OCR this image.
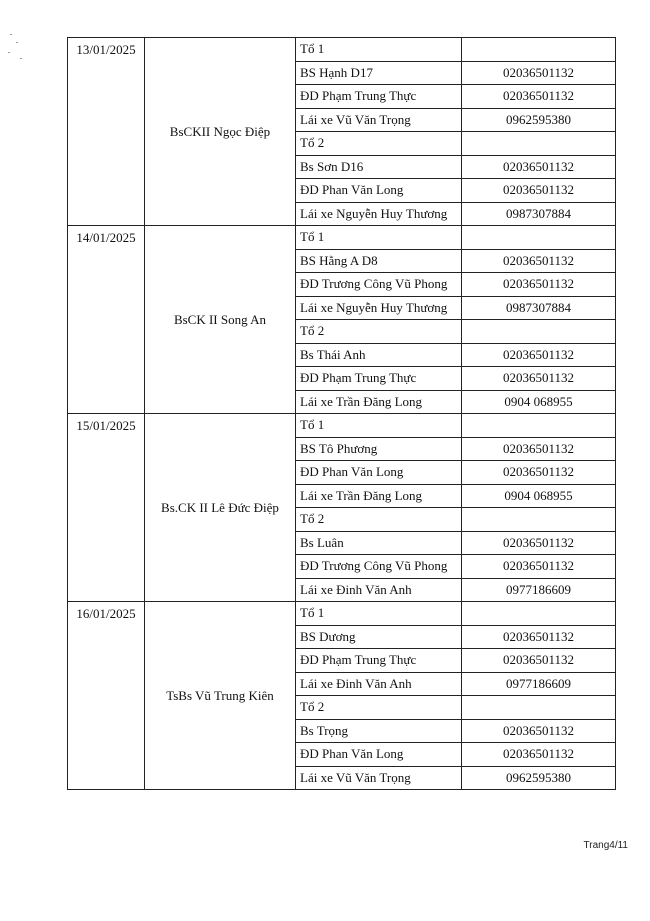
13/01/2025	BsCKII Ngọc Điệp	Tổ 1	
		BS Hạnh D17	02036501132
		ĐD Phạm Trung Thực	02036501132
		Lái xe Vũ Văn Trọng	0962595380
		Tổ 2	
		Bs Sơn D16	02036501132
		ĐD Phan Văn Long	02036501132
		Lái xe Nguyễn Huy Thương	0987307884
14/01/2025	BsCK II Song An	Tổ 1	
		BS Hằng A D8	02036501132
		ĐD Trương Công Vũ Phong	02036501132
		Lái xe Nguyễn Huy Thương	0987307884
		Tổ 2	
		Bs Thái Anh	02036501132
		ĐD Phạm Trung Thực	02036501132
		Lái xe Trần Đăng Long	0904 068955
15/01/2025	Bs.CK II Lê Đức Điệp	Tổ 1	
		BS Tô Phương	02036501132
		ĐD Phan Văn Long	02036501132
		Lái xe Trần Đăng Long	0904 068955
		Tổ 2	
		Bs Luân	02036501132
		ĐD Trương Công Vũ Phong	02036501132
		Lái xe Đinh Văn Anh	0977186609
16/01/2025	TsBs Vũ Trung Kiên	Tổ 1	
		BS Dương	02036501132
		ĐD Phạm Trung Thực	02036501132
		Lái xe Đinh Văn Anh	0977186609
		Tổ 2	
		Bs Trọng	02036501132
		ĐD Phan Văn Long	02036501132
		Lái xe Vũ Văn Trọng	0962595380
Trang4/11
